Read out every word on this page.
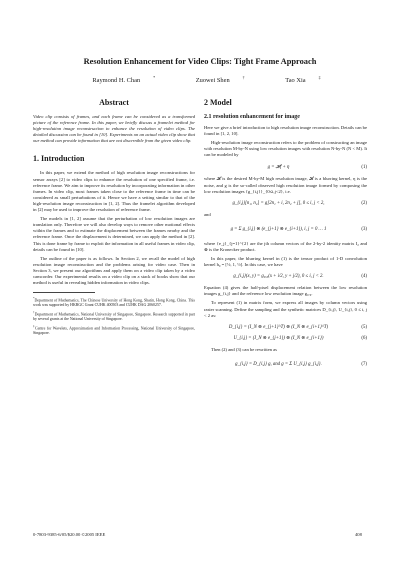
Resolution Enhancement for Video Clips: Tight Frame Approach
Raymond H. Chan	*	Zuowei Shen	†	Tao Xia	‡
Abstract

Video clip consists of frames, and each frame can be considered as a transformed picture of the reference frame. In this paper, we briefly discuss a framelet method for high-resolution image reconstruction to enhance the resolution of video clips. The detailed discussion can be found in [10]. Experiments on an actual video clip show that our method can provide information that are not discernible from the given video clip.

1. Introduction

In this paper, we extend the method of high resolution image reconstructions for sensor arrays [2] to video clips to enhance the resolution of one specified frame, i.e. reference frame. We aim to improve its resolution by incorporating information in other frames. In video clip, most frames taken close to the reference frame in time can be considered as small perturbations of it. Hence we have a setting similar to that of the high-resolution image reconstruction in [1, 2]. Thus the framelet algorithm developed in [2] may be used to improve the resolution of reference frame.

The models in [1, 2] assume that the perturbation of low resolution images are translation only. Therefore we will also develop ways to remove other motional effects within the frames and to estimate the displacement between the frames nearby and the reference frame. Once the displacement is determined, we can apply the method in [2]. This is done frame by frame to exploit the information in all useful frames in video clip, details can be found in [10].

The outline of the paper is as follows. In Section 2, we recall the model of high resolution image reconstruction and the problems arising for video case. Then in Section 3, we present our algorithms and apply them on a video clip taken by a video camcorder. Our experimental results on a video clip on a stack of books show that our method is useful in revealing hidden information in video clips.

*Department of Mathematics, The Chinese University of Hong Kong, Shatin, Hong Kong, China. This work was supported by HKRGC Grant CUHK 400503 and CUHK DAG 2060257.

†Department of Mathematics, National University of Singapore, Singapore. Research supported in part by several grants at the National University of Singapore.

‡Centre for Wavelets, Approximation and Information Processing, National University of Singapore, Singapore.

2 Model
2.1 resolution enhancement for image

Here we give a brief introduction to high resolution image reconstruction. Details can be found in [1, 2, 10].

High-resolution image reconstruction refers to the problem of constructing an image with resolution M-by-N using low resolution images with resolution N-by-N (N < M). It can be modeled by

g = 𝓗f + η	(1)

where 𝓗 is the desired M-by-M high resolution image, 𝓗 is a blurring kernel, η is the noise, and g is the so-called observed high resolution image formed by composing the low resolution images {g_{i,j}}_{0≤i,j<2}, i.e.

g_{i,j}[n₁, n₂] = g[2n₁ + i, 2n₂ + j], 0 ≤ i, j < 2,	(2)

and

g = Σ g_{i,j} ⊗ (e_{j+1} ⊗ e_{i+1}), i, j = 0 … 1	(3)

where {e_j}_{j=1}^{2} are the jth column vectors of the 2-by-2 identity matrix I₂ and ⊗ is the Kronecker product.

In this paper, the blurring kernel in (1) is the tensor product of 1-D convolution kernel h₀ = [½, 1, ½]. In this case, we have

g_{i,j}(x, y) = g₀,₀(x + i/2, y + j/2), 0 ≤ i, j < 2.	(4)

Equation (4) gives the half-pixel displacement relation between the low resolution images g_{i,j} and the reference low resolution image g₀,₀.

To represent (1) in matrix form, we express all images by column vectors using raster scanning. Define the sampling and the synthetic matrices D_{i,j}, U_{i,j}, 0 ≤ i, j < 2 as:

D_{i,j} = (I_N ⊗ e_{j+1}^T) ⊗ (I_N ⊗ e_{i+1}^T)	(5)
U_{i,j} = (I_N ⊗ e_{j+1}) ⊗ (I_N ⊗ e_{i+1})	(6)

Then (2) and (3) can be rewritten as

g_{i,j} = D_{i,j} g, and g = Σ U_{i,j} g_{i,j}.	(7)
0-7803-9385-6/05/$20.00 ©2005 IEEE	408
